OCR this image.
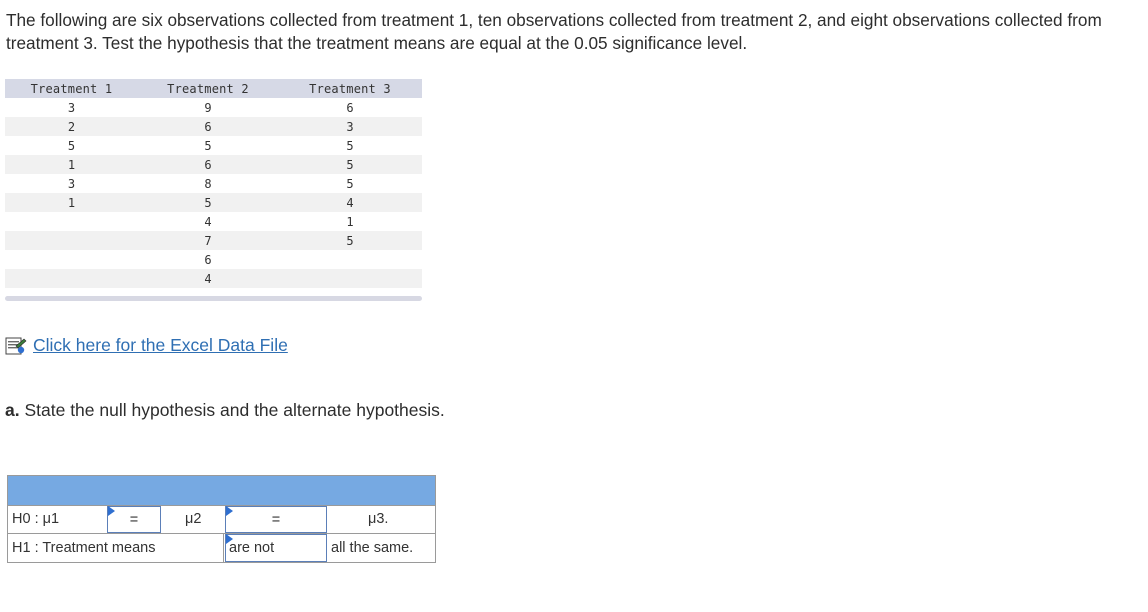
The following are six observations collected from treatment 1, ten observations collected from treatment 2, and eight observations collected from treatment 3. Test the hypothesis that the treatment means are equal at the 0.05 significance level.
Treatment 1	Treatment 2	Treatment 3
3	9	6
2	6	3
5	5	5
1	6	5
3	8	5
1	5	4
	4	1
	7	5
	6	
	4	
Click here for the Excel Data File
a. State the null hypothesis and the alternate hypothesis.
H0 : μ1	=	μ2	=	μ3.
H1 : Treatment means	are not	all the same.
